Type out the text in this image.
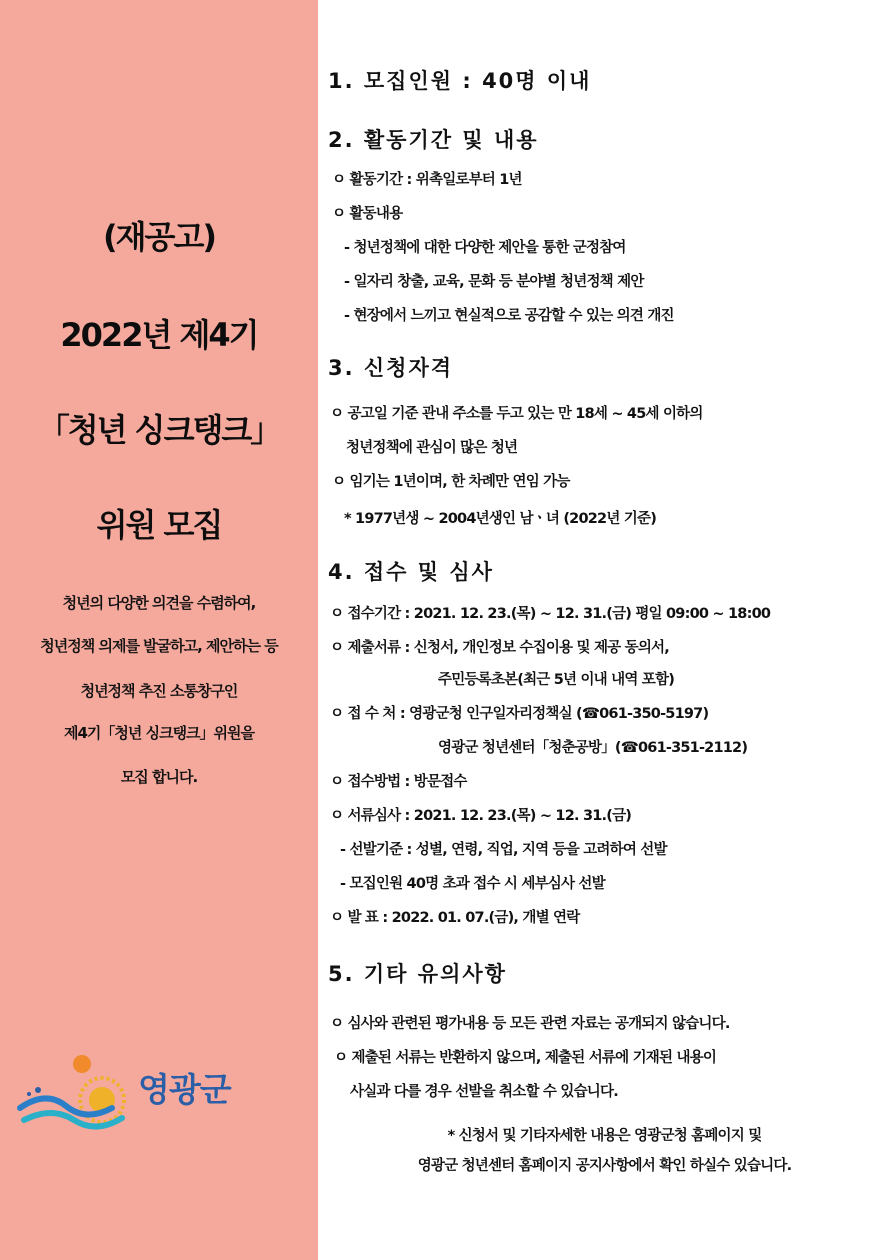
(재공고)
2022년 제4기
「청년 싱크탱크」
위원 모집
청년의 다양한 의견을 수렴하여,
청년정책 의제를 발굴하고, 제안하는 등
청년정책 추진 소통창구인
제4기「청년 싱크탱크」위원을
모집 합니다.
영광군
1. 모집인원 : 40명 이내
2. 활동기간 및 내용
ㅇ 활동기간 : 위촉일로부터 1년
ㅇ 활동내용
- 청년정책에 대한 다양한 제안을 통한 군정참여
- 일자리 창출, 교육, 문화 등 분야별 청년정책 제안
- 현장에서 느끼고 현실적으로 공감할 수 있는 의견 개진
3. 신청자격
ㅇ 공고일 기준 관내 주소를 두고 있는 만 18세 ~ 45세 이하의
청년정책에 관심이 많은 청년
ㅇ 임기는 1년이며, 한 차례만 연임 가능
* 1977년생 ~ 2004년생인 남ㆍ녀 (2022년 기준)
4. 접수 및 심사
ㅇ 접수기간 : 2021. 12. 23.(목) ~ 12. 31.(금) 평일 09:00 ~ 18:00
ㅇ 제출서류 : 신청서, 개인정보 수집이용 및 제공 동의서,
주민등록초본(최근 5년 이내 내역 포함)
ㅇ 접 수 처 : 영광군청 인구일자리정책실 (☎061-350-5197)
영광군 청년센터「청춘공방」(☎061-351-2112)
ㅇ 접수방법 : 방문접수
ㅇ 서류심사 : 2021. 12. 23.(목) ~ 12. 31.(금)
- 선발기준 : 성별, 연령, 직업, 지역 등을 고려하여 선발
- 모집인원 40명 초과 접수 시 세부심사 선발
ㅇ 발 표 : 2022. 01. 07.(금), 개별 연락
5. 기타 유의사항
ㅇ 심사와 관련된 평가내용 등 모든 관련 자료는 공개되지 않습니다.
ㅇ 제출된 서류는 반환하지 않으며, 제출된 서류에 기재된 내용이
사실과 다를 경우 선발을 취소할 수 있습니다.
* 신청서 및 기타자세한 내용은 영광군청 홈페이지 및
영광군 청년센터 홈페이지 공지사항에서 확인 하실수 있습니다.
